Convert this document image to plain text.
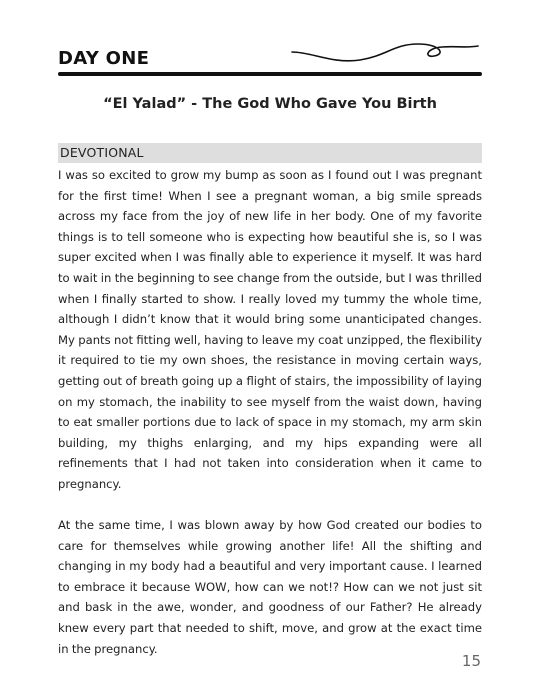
DAY ONE
“El Yalad” - The God Who Gave You Birth
DEVOTIONAL

I was so excited to grow my bump as soon as I found out I was pregnant for the first time! When I see a pregnant woman, a big smile spreads across my face from the joy of new life in her body. One of my favorite things is to tell someone who is expecting how beautiful she is, so I was super excited when I was finally able to experience it myself. It was hard to wait in the beginning to see change from the outside, but I was thrilled when I finally started to show. I really loved my tummy the whole time, although I didn’t know that it would bring some unanticipated changes. My pants not fitting well, having to leave my coat unzipped, the flexibility it required to tie my own shoes, the resistance in moving certain ways, getting out of breath going up a flight of stairs, the impossibility of laying on my stomach, the inability to see myself from the waist down, having to eat smaller portions due to lack of space in my stomach, my arm skin building, my thighs enlarging, and my hips expanding were all refinements that I had not taken into consideration when it came to pregnancy.

At the same time, I was blown away by how God created our bodies to care for themselves while growing another life! All the shifting and changing in my body had a beautiful and very important cause. I learned to embrace it because WOW, how can we not!? How can we not just sit and bask in the awe, wonder, and goodness of our Father? He already knew every part that needed to shift, move, and grow at the exact time in the pregnancy.

15
